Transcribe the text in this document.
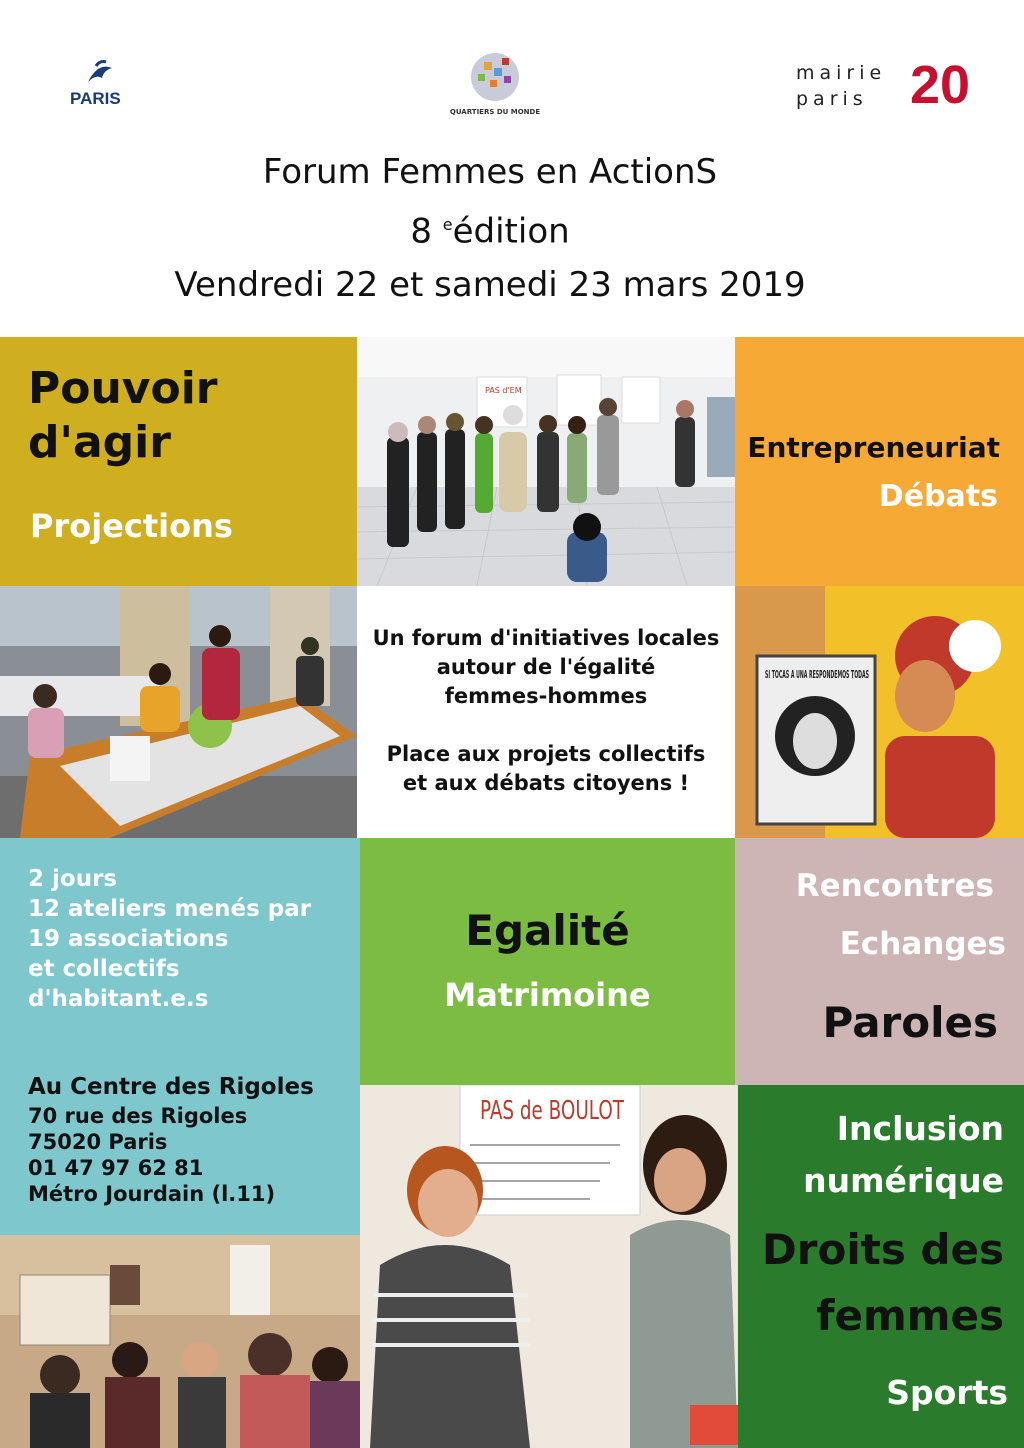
PARIS
QUARTIERS DU MONDE
mairie
paris 20
Forum Femmes en ActionS
8 $^e$édition
Vendredi 22 et samedi 23 mars 2019
Pouvoir
d'agir
Projections
PAS d'EM
Entrepreneuriat
Débats
Un forum d'initiatives locales
autour de l'égalité
femmes-hommes
Place aux projets collectifs
et aux débats citoyens !
SI TOCAS A UNA RESPONDEMOS TODAS
2 jours
12 ateliers menés par
19 associations
et collectifs
d'habitant.e.s
Au Centre des Rigoles
70 rue des Rigoles
75020 Paris
01 47 97 62 81
Métro Jourdain (l.11)
Egalité
Matrimoine
Rencontres
Echanges
Paroles
PAS de BOULOT	Inclusion
numérique
Droits des
femmes
Sports
